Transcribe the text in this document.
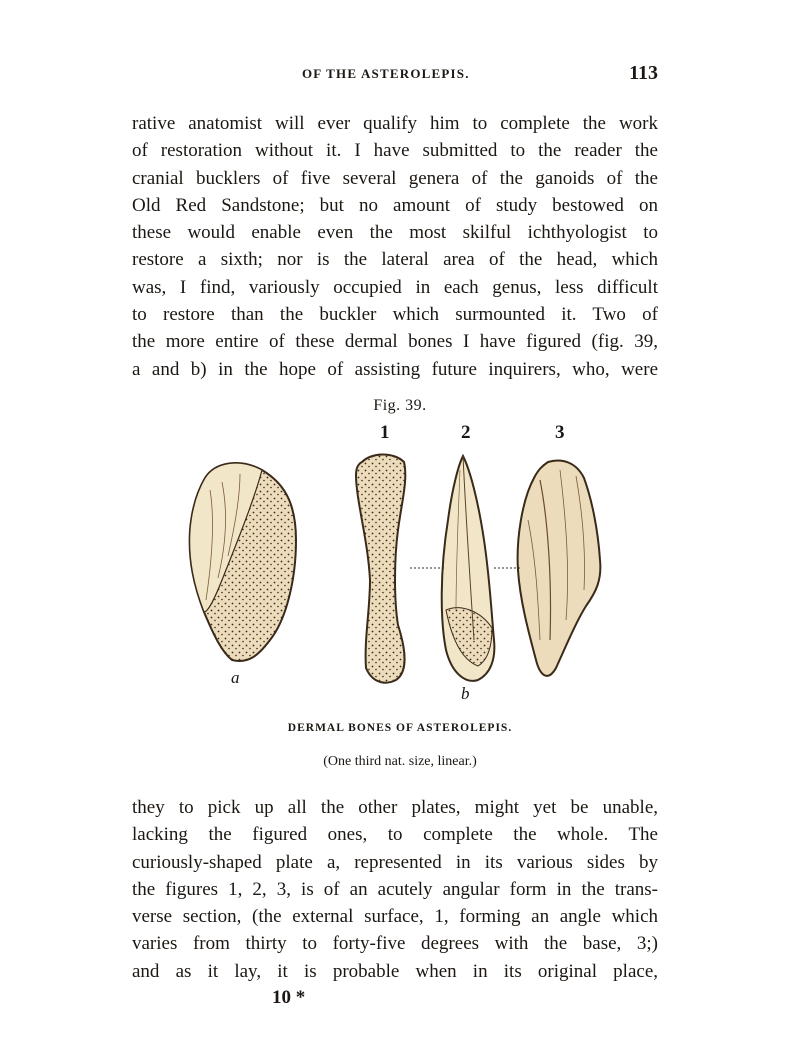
OF THE ASTEROLEPIS.	113

rative anatomist will ever qualify him to complete the work
of restoration without it. I have submitted to the reader the
cranial bucklers of five several genera of the ganoids of the
Old Red Sandstone; but no amount of study bestowed on
these would enable even the most skilful ichthyologist to
restore a sixth; nor is the lateral area of the head, which
was, I find, variously occupied in each genus, less difficult
to restore than the buckler which surmounted it. Two of
the more entire of these dermal bones I have figured (fig. 39,
a and b) in the hope of assisting future inquirers, who, were

Fig. 39.
1	2	3
a
b
DERMAL BONES OF ASTEROLEPIS.
(One third nat. size, linear.)

they to pick up all the other plates, might yet be unable,
lacking the figured ones, to complete the whole. The
curiously-shaped plate a, represented in its various sides by
the figures 1, 2, 3, is of an acutely angular form in the trans-
verse section, (the external surface, 1, forming an angle which
varies from thirty to forty-five degrees with the base, 3;)
and as it lay, it is probable when in its original place,

10 *
